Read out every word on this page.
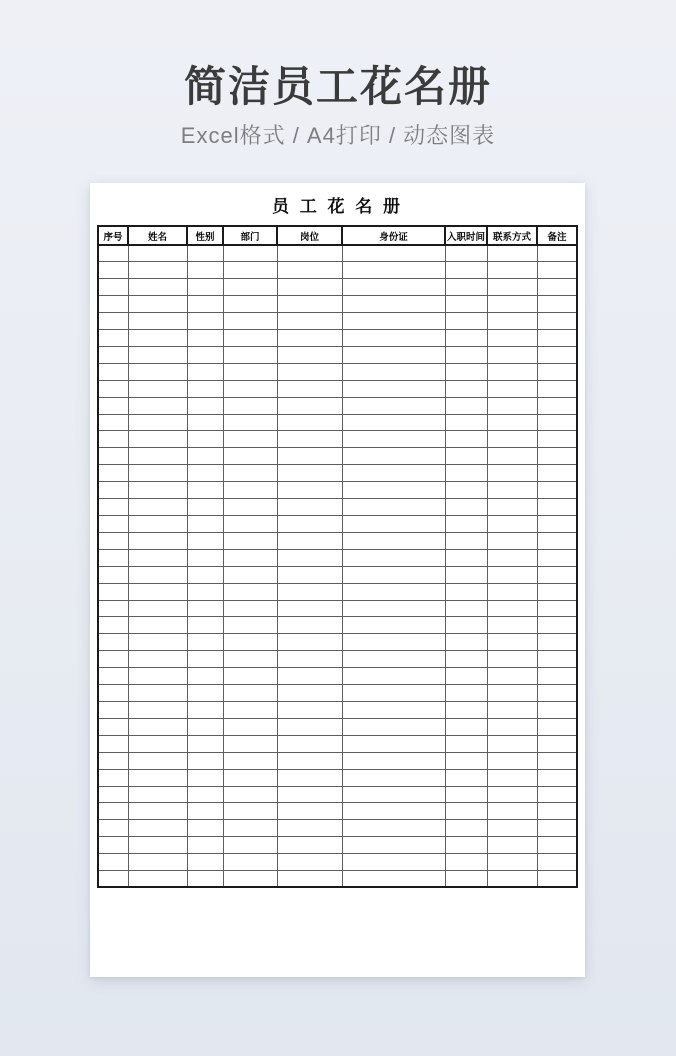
简洁员工花名册
Excel格式 / A4打印 / 动态图表
员 工 花 名 册
序号	姓名	性别	部门	岗位	身份证	入职时间	联系方式	备注
